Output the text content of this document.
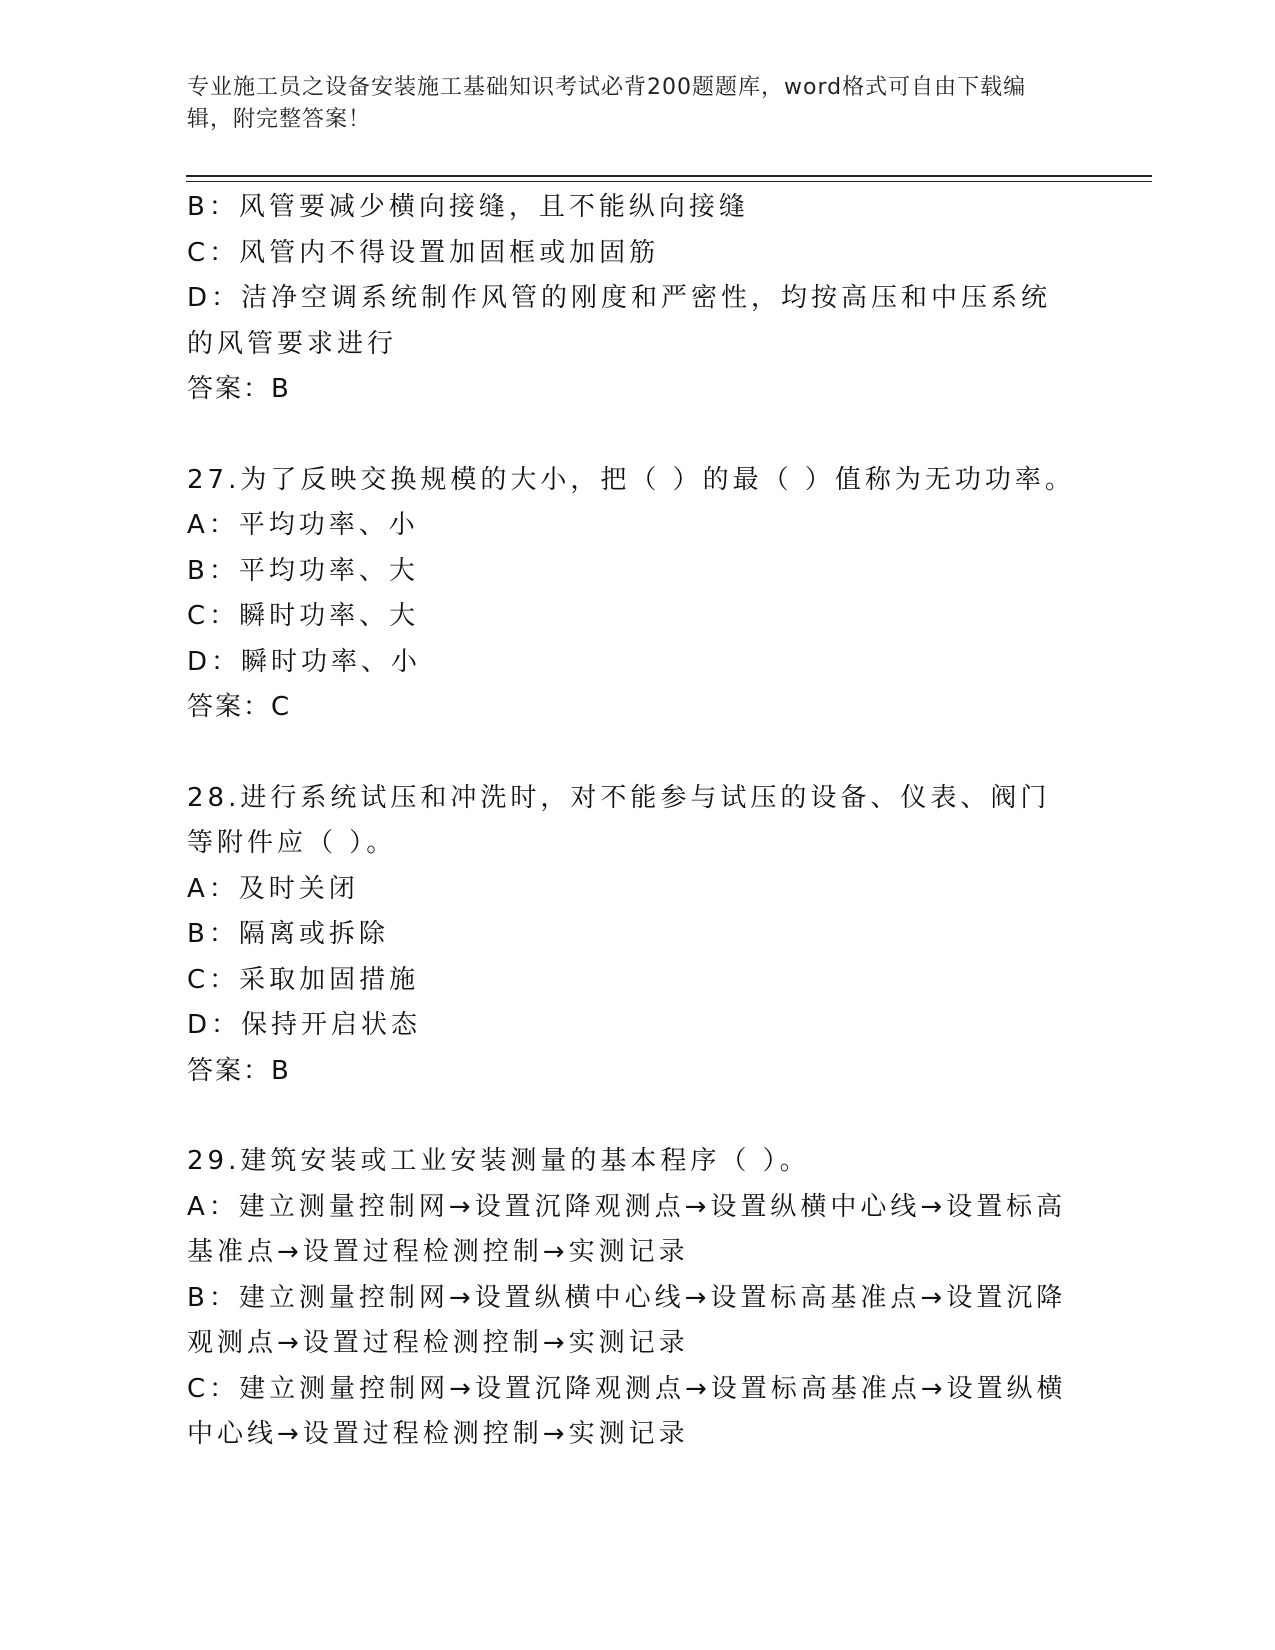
专业施工员之设备安装施工基础知识考试必背200题题库，word格式可自由下载编辑，附完整答案！
B：风管要减少横向接缝，且不能纵向接缝
C：风管内不得设置加固框或加固筋
D：洁净空调系统制作风管的刚度和严密性，均按高压和中压系统的风管要求进行
答案：B
27.为了反映交换规模的大小，把（ ）的最（ ）值称为无功功率。
A：平均功率、小
B：平均功率、大
C：瞬时功率、大
D：瞬时功率、小
答案：C
28.进行系统试压和冲洗时，对不能参与试压的设备、仪表、阀门等附件应（ ）。
A：及时关闭
B：隔离或拆除
C：采取加固措施
D：保持开启状态
答案：B
29.建筑安装或工业安装测量的基本程序（ ）。
A：建立测量控制网→设置沉降观测点→设置纵横中心线→设置标高基准点→设置过程检测控制→实测记录
B：建立测量控制网→设置纵横中心线→设置标高基准点→设置沉降观测点→设置过程检测控制→实测记录
C：建立测量控制网→设置沉降观测点→设置标高基准点→设置纵横中心线→设置过程检测控制→实测记录
